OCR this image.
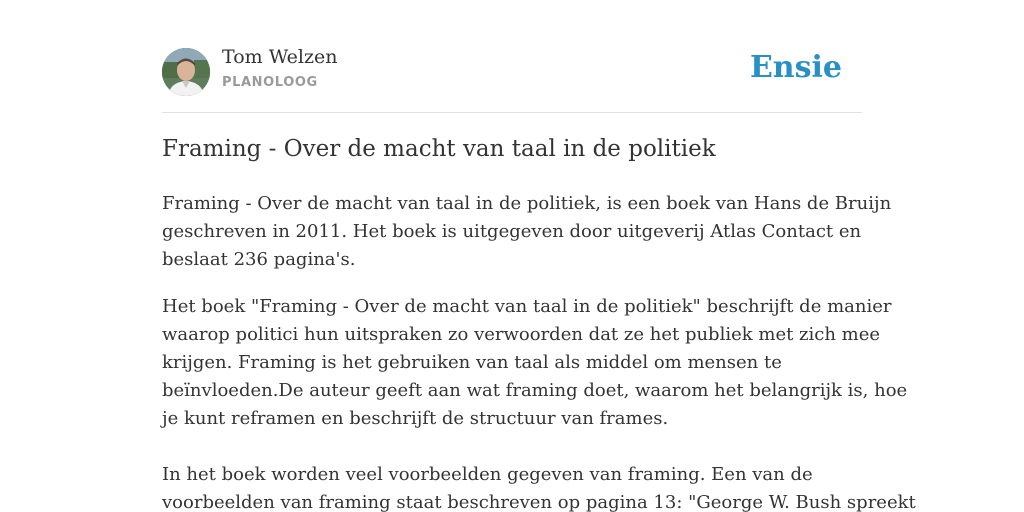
Tom Welzen
PLANOLOOG	Ensie
Framing - Over de macht van taal in de politiek
Framing - Over de macht van taal in de politiek, is een boek van Hans de Bruijn
geschreven in 2011. Het boek is uitgegeven door uitgeverij Atlas Contact en
beslaat 236 pagina's.
Het boek "Framing - Over de macht van taal in de politiek" beschrijft de manier
waarop politici hun uitspraken zo verwoorden dat ze het publiek met zich mee
krijgen. Framing is het gebruiken van taal als middel om mensen te
beïnvloeden.De auteur geeft aan wat framing doet, waarom het belangrijk is, hoe
je kunt reframen en beschrijft de structuur van frames.
In het boek worden veel voorbeelden gegeven van framing. Een van de
voorbeelden van framing staat beschreven op pagina 13: "George W. Bush spreekt
